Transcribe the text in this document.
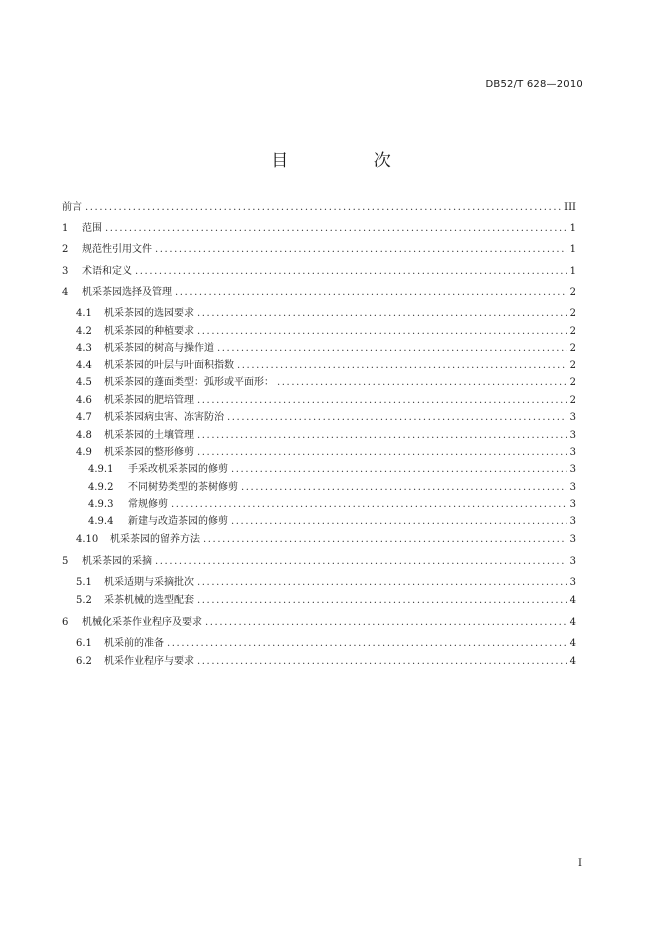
DB52/T 628—2010
目 次
前言 .....	III
1	范围 .....	1
2	规范性引用文件 .....	1
3	术语和定义 .....	1
4	机采茶园选择及管理 .....	2
4.1	机采茶园的选园要求 .....	2
4.2	机采茶园的种植要求 .....	2
4.3	机采茶园的树高与操作道 .....	2
4.4	机采茶园的叶层与叶面积指数 .....	2
4.5	机采茶园的蓬面类型：弧形或平面形： .....	2
4.6	机采茶园的肥培管理 .....	2
4.7	机采茶园病虫害、冻害防治 .....	3
4.8	机采茶园的土壤管理 .....	3
4.9	机采茶园的整形修剪 .....	3
4.9.1	手采改机采茶园的修剪 .....	3
4.9.2	不同树势类型的茶树修剪 .....	3
4.9.3	常规修剪 .....	3
4.9.4	新建与改造茶园的修剪 .....	3
4.10	机采茶园的留养方法 .....	3
5	机采茶园的采摘 .....	3
5.1	机采适期与采摘批次 .....	3
5.2	采茶机械的选型配套 .....	4
6	机械化采茶作业程序及要求 .....	4
6.1	机采前的准备 .....	4
6.2	机采作业程序与要求 .....	4
I
